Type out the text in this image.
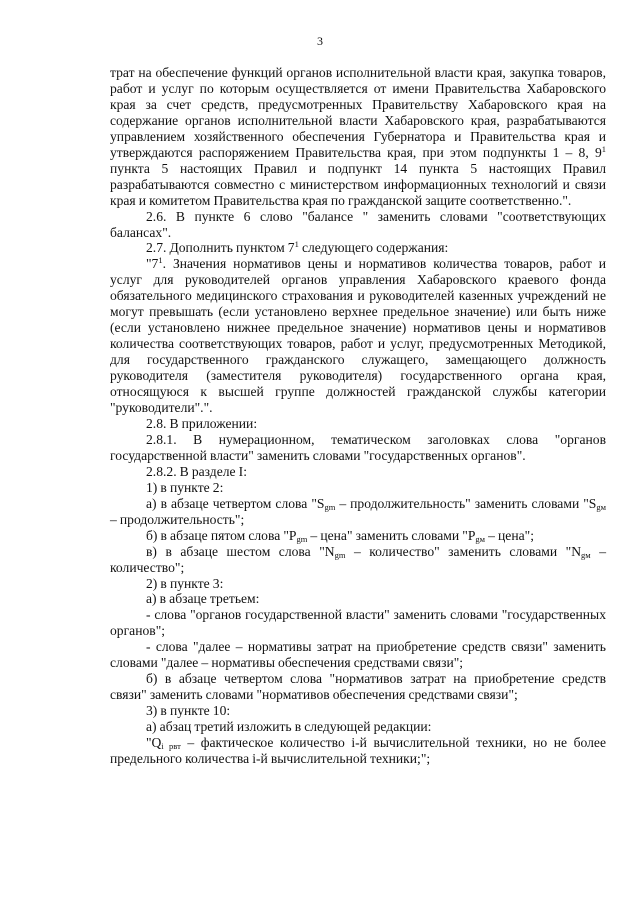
3

трат на обеспечение функций органов исполнительной власти края, закупка товаров, работ и услуг по которым осуществляется от имени Правительства Хабаровского края за счет средств, предусмотренных Правительству Хабаровского края на содержание органов исполнительной власти Хабаровского края, разрабатываются управлением хозяйственного обеспечения Губернатора и Правительства края и утверждаются распоряжением Правительства края, при этом подпункты 1 – 8, $9^1$ пункта 5 настоящих Правил и подпункт 14 пункта 5 настоящих Правил разрабатываются совместно с министерством информационных технологий и связи края и комитетом Правительства края по гражданской защите соответственно.".

2.6. В пункте 6 слово "балансе " заменить словами "соответствующих балансах".

2.7. Дополнить пунктом $7^1$ следующего содержания:

"$7^1$. Значения нормативов цены и нормативов количества товаров, работ и услуг для руководителей органов управления Хабаровского краевого фонда обязательного медицинского страхования и руководителей казенных учреждений не могут превышать (если установлено верхнее предельное значение) или быть ниже (если установлено нижнее предельное значение) нормативов цены и нормативов количества соответствующих товаров, работ и услуг, предусмотренных Методикой, для государственного гражданского служащего, замещающего должность руководителя (заместителя руководителя) государственного органа края, относящуюся к высшей группе должностей гражданской службы категории "руководители".".

2.8. В приложении:

2.8.1. В нумерационном, тематическом заголовках слова "органов государственной власти" заменить словами "государственных органов".

2.8.2. В разделе I:

1) в пункте 2:

а) в абзаце четвертом слова "$S_{gm}$ – продолжительность" заменить словами "$S_{gм}$ – продолжительность";

б) в абзаце пятом слова "$P_{gm}$ – цена" заменить словами "$P_{gм}$ – цена";

в) в абзаце шестом слова "$N_{gm}$ – количество" заменить словами "$N_{gм}$ – количество";

2) в пункте 3:

а) в абзаце третьем:

- слова "органов государственной власти" заменить словами "государственных органов";

- слова "далее – нормативы затрат на приобретение средств связи" заменить словами "далее – нормативы обеспечения средствами связи";

б) в абзаце четвертом слова "нормативов затрат на приобретение средств связи" заменить словами "нормативов обеспечения средствами связи";

3) в пункте 10:

а) абзац третий изложить в следующей редакции:

"$Q_{i рвт}$ – фактическое количество i-й вычислительной техники, но не более предельного количества i-й вычислительной техники;";
